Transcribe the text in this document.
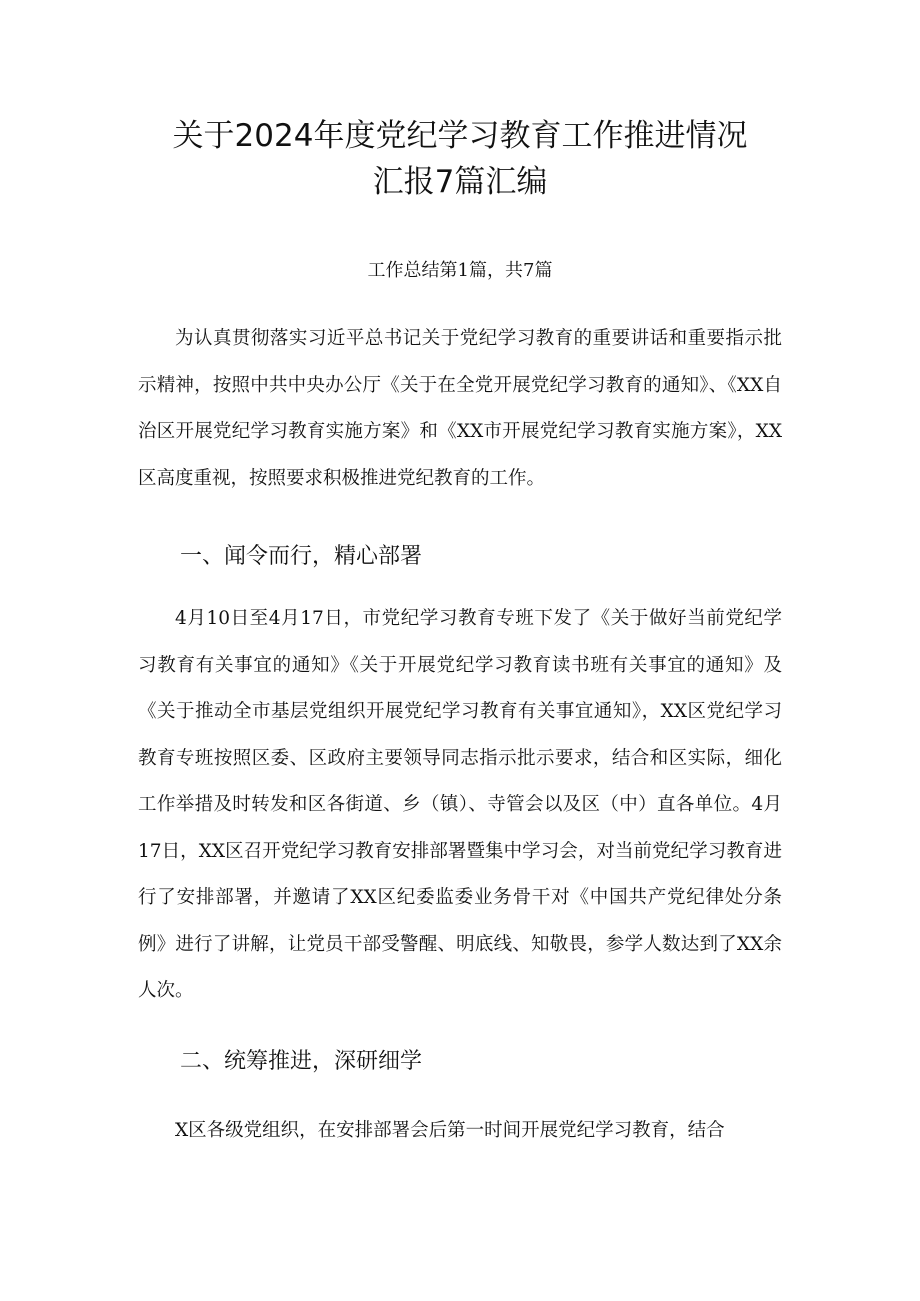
关于2024年度党纪学习教育工作推进情况
汇报7篇汇编
工作总结第1篇，共7篇

为认真贯彻落实习近平总书记关于党纪学习教育的重要讲话和重要指示批示精神，按照中共中央办公厅《关于在全党开展党纪学习教育的通知》、《XX自治区开展党纪学习教育实施方案》和《XX市开展党纪学习教育实施方案》，XX区高度重视，按照要求积极推进党纪教育的工作。

一、闻令而行，精心部署

4月10日至4月17日，市党纪学习教育专班下发了《关于做好当前党纪学习教育有关事宜的通知》《关于开展党纪学习教育读书班有关事宜的通知》及《关于推动全市基层党组织开展党纪学习教育有关事宜通知》，XX区党纪学习教育专班按照区委、区政府主要领导同志指示批示要求，结合和区实际，细化工作举措及时转发和区各街道、乡（镇）、寺管会以及区（中）直各单位。4月17日，XX区召开党纪学习教育安排部署暨集中学习会，对当前党纪学习教育进行了安排部署，并邀请了XX区纪委监委业务骨干对《中国共产党纪律处分条例》进行了讲解，让党员干部受警醒、明底线、知敬畏，参学人数达到了XX余人次。

二、统筹推进，深研细学

X区各级党组织，在安排部署会后第一时间开展党纪学习教育，结合
